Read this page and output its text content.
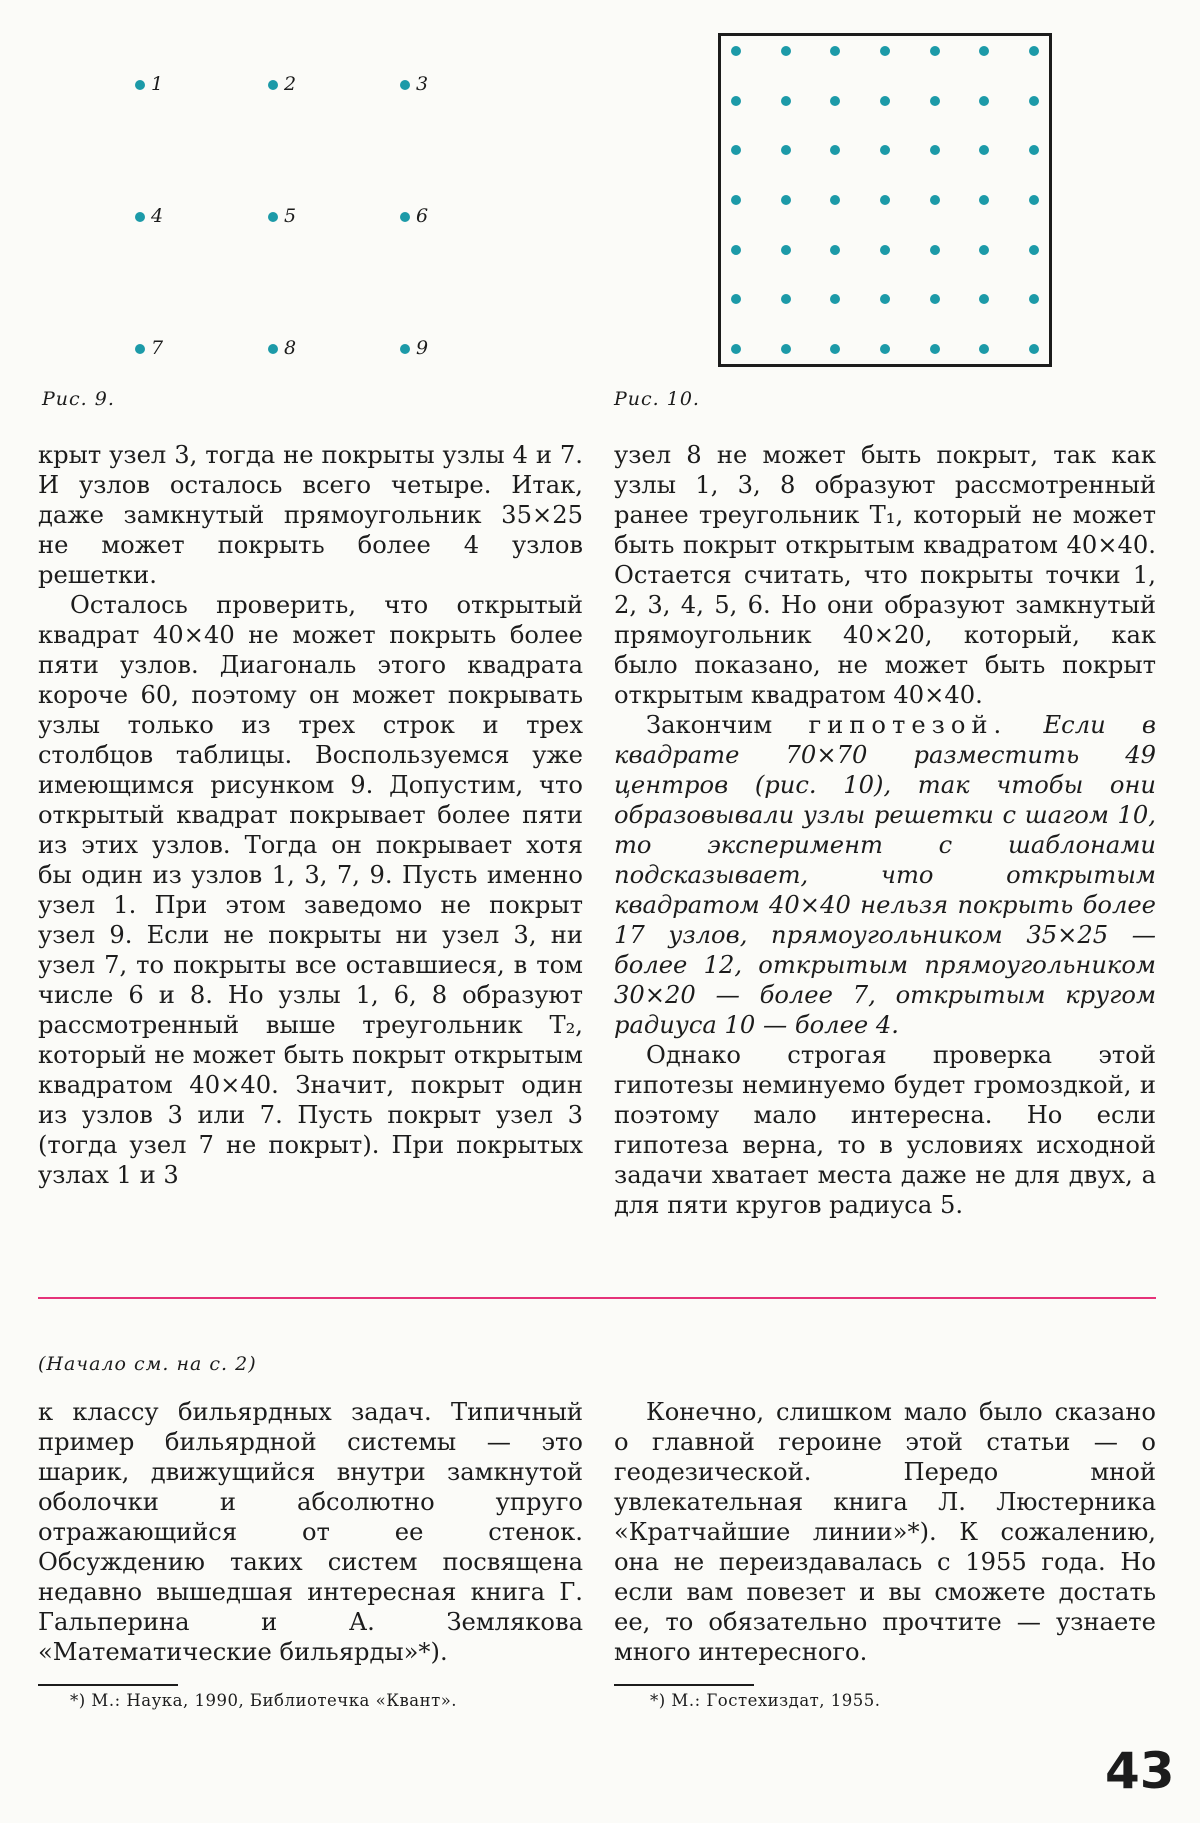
1	2	3
4	5	6
7	8	9
Рис. 9.	Рис. 10.

крыт узел 3, тогда не покрыты узлы 4 и 7. И узлов осталось всего четыре. Итак, даже замкнутый прямоугольник 35×25 не может покрыть более 4 узлов решетки.

Осталось проверить, что открытый квадрат 40×40 не может покрыть более пяти узлов. Диагональ этого квадрата короче 60, поэтому он может покрывать узлы только из трех строк и трех столбцов таблицы. Воспользуемся уже имеющимся рисунком 9. Допустим, что открытый квадрат покрывает более пяти из этих узлов. Тогда он покрывает хотя бы один из узлов 1, 3, 7, 9. Пусть именно узел 1. При этом заведомо не покрыт узел 9. Если не покрыты ни узел 3, ни узел 7, то покрыты все оставшиеся, в том числе 6 и 8. Но узлы 1, 6, 8 образуют рассмотренный выше треугольник T₂, который не может быть покрыт открытым квадратом 40×40. Значит, покрыт один из узлов 3 или 7. Пусть покрыт узел 3 (тогда узел 7 не покрыт). При покрытых узлах 1 и 3

узел 8 не может быть покрыт, так как узлы 1, 3, 8 образуют рассмотренный ранее треугольник T₁, который не может быть покрыт открытым квадратом 40×40. Остается считать, что покрыты точки 1, 2, 3, 4, 5, 6. Но они образуют замкнутый прямоугольник 40×20, который, как было показано, не может быть покрыт открытым квадратом 40×40.

Закончим гипотезой. Если в квадрате 70×70 разместить 49 центров (рис. 10), так чтобы они образовывали узлы решетки с шагом 10, то эксперимент с шаблонами подсказывает, что открытым квадратом 40×40 нельзя покрыть более 17 узлов, прямоугольником 35×25 — более 12, открытым прямоугольником 30×20 — более 7, открытым кругом радиуса 10 — более 4.

Однако строгая проверка этой гипотезы неминуемо будет громоздкой, и поэтому мало интересна. Но если гипотеза верна, то в условиях исходной задачи хватает места даже не для двух, а для пяти кругов радиуса 5.

(Начало см. на с. 2)

к классу бильярдных задач. Типичный пример бильярдной системы — это шарик, движущийся внутри замкнутой оболочки и абсолютно упруго отражающийся от ее стенок. Обсуждению таких систем посвящена недавно вышедшая интересная книга Г. Гальперина и А. Землякова «Математические бильярды»*).

*) М.: Наука, 1990, Библиотечка «Квант».

Конечно, слишком мало было сказано о главной героине этой статьи — о геодезической. Передо мной увлекательная книга Л. Люстерника «Кратчайшие линии»*). К сожалению, она не переиздавалась с 1955 года. Но если вам повезет и вы сможете достать ее, то обязательно прочтите — узнаете много интересного.

*) М.: Гостехиздат, 1955.
43
